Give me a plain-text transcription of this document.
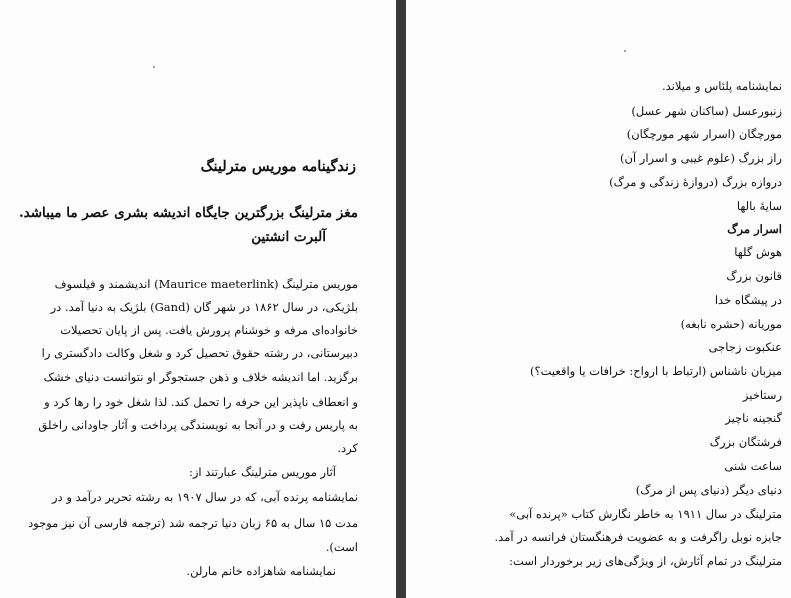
زندگینامه موریس مترلینگ
مغز مترلینگ بزرگترین جایگاه اندیشه بشری عصر ما میباشد.
آلبرت انشتین
موریس مترلینگ (Maurice maeterlink) اندیشمند و فیلسوف
بلژیکی، در سال ۱۸۶۲ در شهر گان (Gand) بلژیک به دنیا آمد. در
خانواده‌ای مرفه و خوشنام پرورش یافت. پس از پایان تحصیلات
دبیرستانی، در رشته حقوق تحصیل کرد و شغل وکالت دادگستری را
برگزید. اما اندیشه خلاف و ذهن جستجوگر او نتوانست دنیای خشک
و انعطاف ناپذیر این حرفه را تحمل کند. لذا شغل خود را رها کرد و
به پاریس رفت و در آنجا به نویسندگی پرداخت و آثار جاودانی راخلق
کرد.
آثار موریس مترلینگ عبارتند از:
نمایشنامه پرنده آبی، که در سال ۱۹۰۷ به رشته تحریر درآمد و در
مدت ۱۵ سال به ۶۵ زبان دنیا ترجمه شد (ترجمه فارسی آن نیز موجود
است).
نمایشنامه شاهزاده خانم مارلن.
نمایشنامه پلئاس و میلاند.
زنبورعسل (ساکنان شهر عسل)
مورچگان (اسرار شهر مورچگان)
راز بزرگ (علوم غیبی و اسرار آن)
دروازه بزرگ (دروازهٔ زندگی و مرگ)
سایهٔ بالها
اسرار مرگ
هوش گلها
قانون بزرگ
در پیشگاه خدا
موریانه (حشره نابغه)
عنکبوت زجاجی
میزبان ناشناس (ارتباط با ارواح: خرافات یا واقعیت؟)
رستاخیز
گنجینه ناچیز
فرشتگان بزرگ
ساعت شنی
دنیای دیگر (دنیای پس از مرگ)
مترلینگ در سال ۱۹۱۱ به خاطر نگارش کتاب «پرنده آبی»
جایزه نوبل راگرفت و به عضویت فرهنگستان فرانسه در آمد.
مترلینگ در تمام آثارش، از ویژگی‌های زیر برخوردار است:
